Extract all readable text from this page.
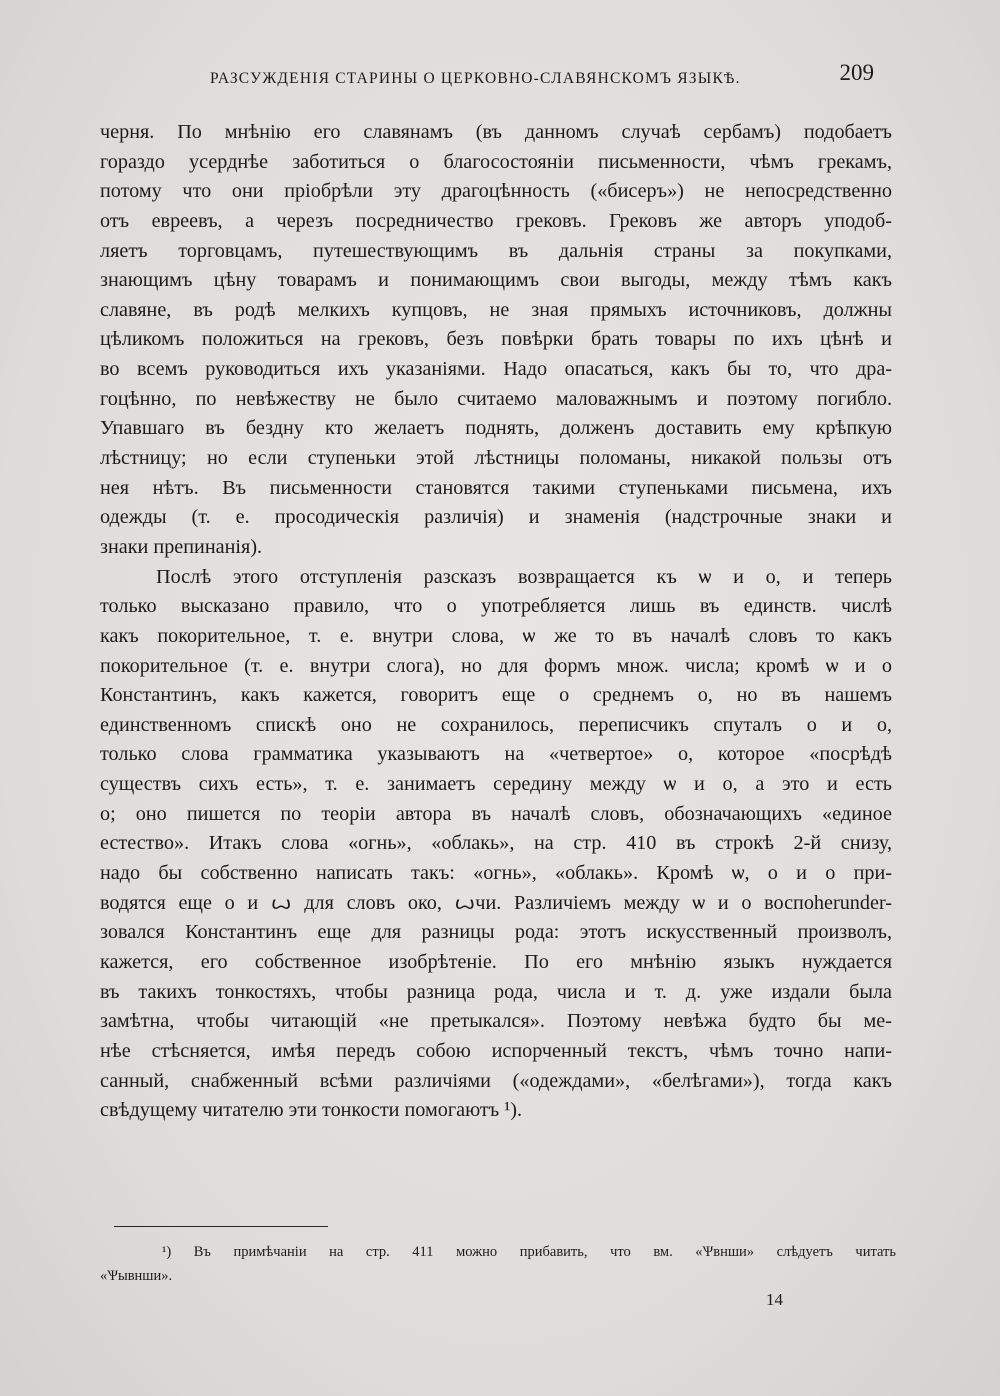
РАЗСУЖДЕНІЯ СТАРИНЫ О ЦЕРКОВНО-СЛАВЯНСКОМЪ ЯЗЫКѢ.	209
черня. По мнѣнію его славянамъ (въ данномъ случаѣ сербамъ) подобаетъ
гораздо усерднѣе заботиться о благосостояніи письменности, чѣмъ грекамъ,
потому что они пріобрѣли эту драгоцѣнность («бисеръ») не непосредственно
отъ евреевъ, а черезъ посредничество грековъ. Грековъ же авторъ уподоб-
ляетъ торговцамъ, путешествующимъ въ дальнія страны за покупками,
знающимъ цѣну товарамъ и понимающимъ свои выгоды, между тѣмъ какъ
славяне, въ родѣ мелкихъ купцовъ, не зная прямыхъ источниковъ, должны
цѣликомъ положиться на грековъ, безъ повѣрки брать товары по ихъ цѣнѣ и
во всемъ руководиться ихъ указаніями. Надо опасаться, какъ бы то, что дра-
гоцѣнно, по невѣжеству не было считаемо маловажнымъ и поэтому погибло.
Упавшаго въ бездну кто желаетъ поднять, долженъ доставить ему крѣпкую
лѣстницу; но если ступеньки этой лѣстницы поломаны, никакой пользы отъ
нея нѣтъ. Въ письменности становятся такими ступеньками письмена, ихъ
одежды (т. е. просодическія различія) и знаменія (надстрочные знаки и
знаки препинанія).
Послѣ этого отступленія разсказъ возвращается къ ѡ и о, и теперь
только высказано правило, что о употребляется лишь въ единств. числѣ
какъ покорительное, т. е. внутри слова, ѡ же то въ началѣ словъ то какъ
покорительное (т. е. внутри слога), но для формъ множ. числа; кромѣ ѡ и о
Константинъ, какъ кажется, говоритъ еще о среднемъ о, но въ нашемъ
единственномъ спискѣ оно не сохранилось, переписчикъ спуталъ о и о,
только слова грамматика указываютъ на «четвертое» о, которое «посрѣдѣ
существъ сихъ есть», т. е. занимаетъ середину между ѡ и о, а это и есть
о; оно пишется по теоріи автора въ началѣ словъ, обозначающихъ «единое
естество». Итакъ слова «огнь», «облакь», на стр. 410 въ строкѣ 2-й снизу,
надо бы собственно написать такъ: «огнь», «облакь». Кромѣ ѡ, о и о при-
водятся еще о и ꙍ для словъ око, ꙍчи. Различіемъ между ѡ и о воспоherunder-
зовался Константинъ еще для разницы рода: этотъ искусственный произволъ,
кажется, его собственное изобрѣтеніе. По его мнѣнію языкъ нуждается
въ такихъ тонкостяхъ, чтобы разница рода, числа и т. д. уже издали была
замѣтна, чтобы читающій «не претыкался». Поэтому невѣжа будто бы ме-
нѣе стѣсняется, имѣя передъ собою испорченный текстъ, чѣмъ точно напи-
санный, снабженный всѣми различіями («одеждами», «белѣгами»), тогда какъ
свѣдущему читателю эти тонкости помогаютъ ¹).
¹) Въ примѣчаніи на стр. 411 можно прибавить, что вм. «Ѱвнши» слѣдуетъ читать
«Ѱывнши».
14
